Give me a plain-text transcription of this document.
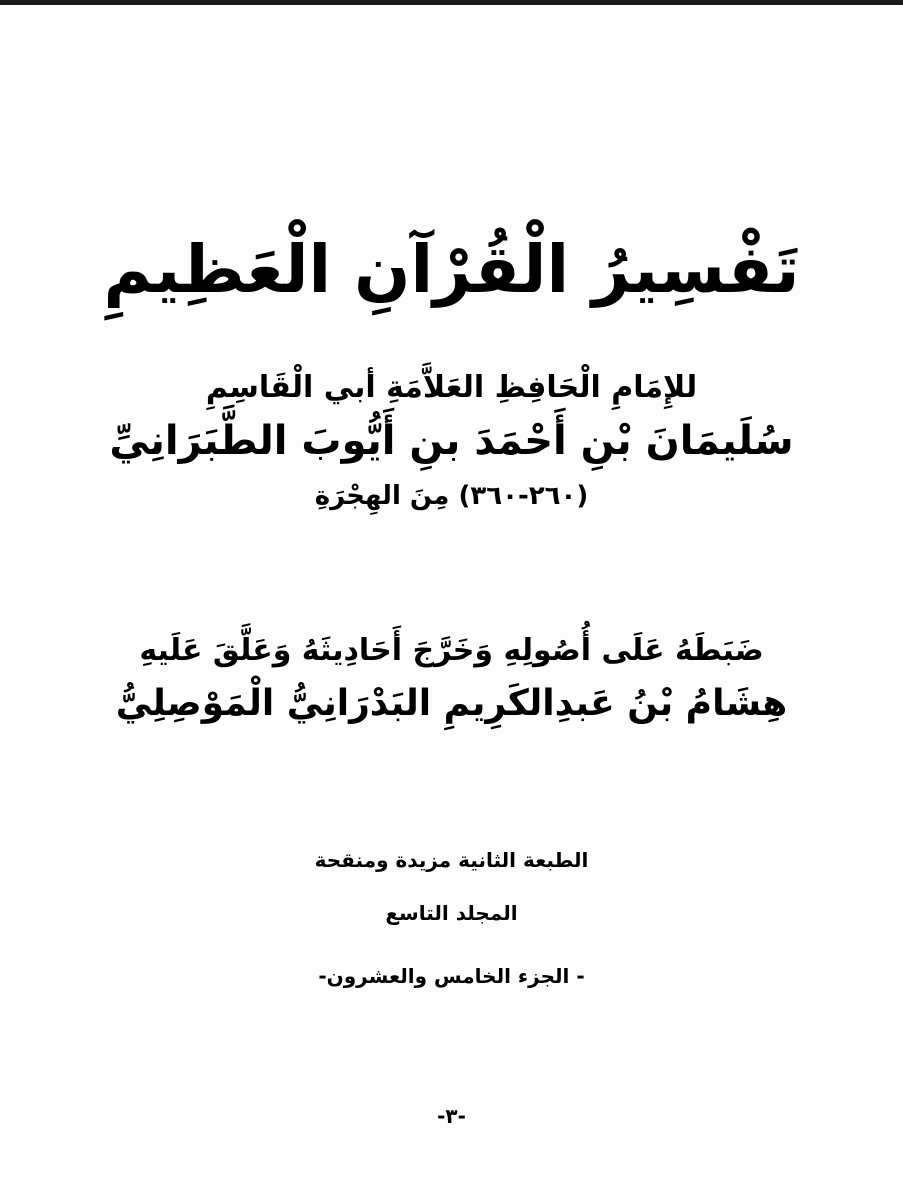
تَفْسِيرُ الْقُرْآنِ الْعَظِيمِ
للإِمَامِ الْحَافِظِ العَلاَّمَةِ أبي الْقَاسِمِ
سُلَيمَانَ بْنِ أَحْمَدَ بنِ أَيُّوبَ الطَّبَرَانِيِّ
(٢٦٠-٣٦٠) مِنَ الهِجْرَةِ
ضَبَطَهُ عَلَى أُصُولِهِ وَخَرَّجَ أَحَادِيثَهُ وَعَلَّقَ عَلَيهِ
هِشَامُ بْنُ عَبدِالكَرِيمِ البَدْرَانِيُّ الْمَوْصِلِيُّ
الطبعة الثانية مزيدة ومنقحة
المجلد التاسع
- الجزء الخامس والعشرون-
-٣-
